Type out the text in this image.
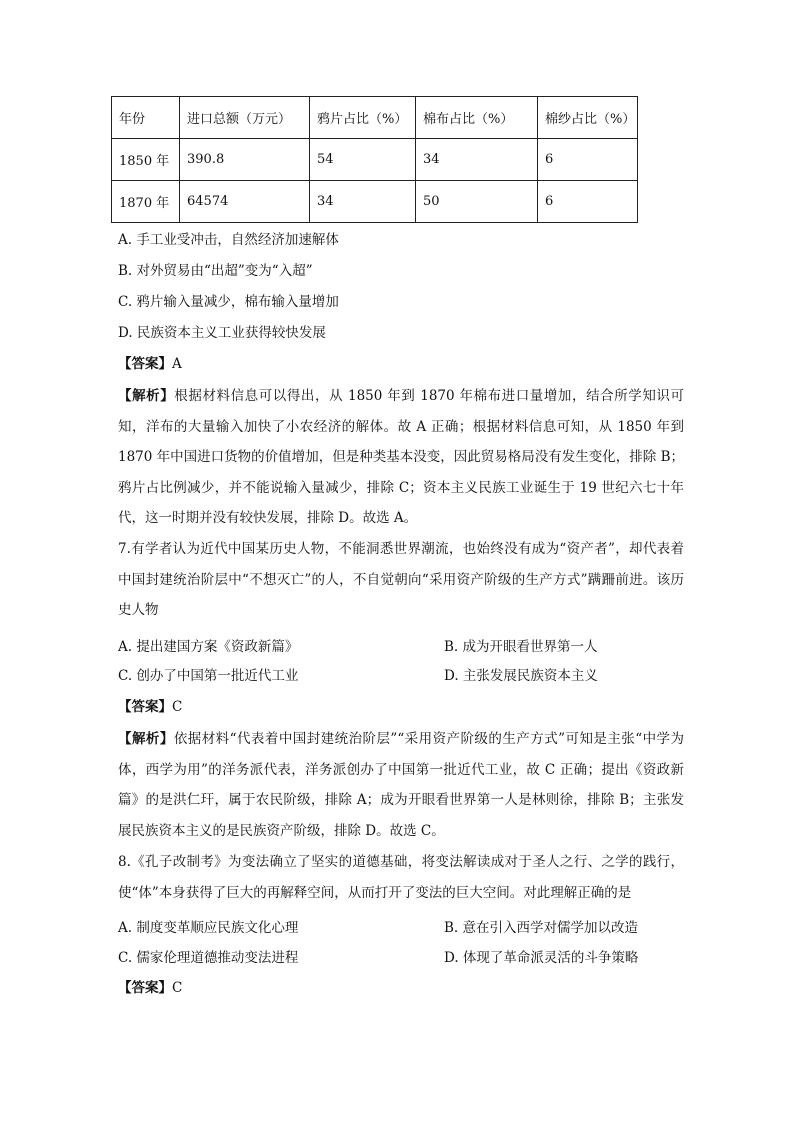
年份	进口总额（万元）	鸦片占比（%）	棉布占比（%）	棉纱占比（%）
1850 年	390.8	54	34	6
1870 年	64574	34	50	6
A. 手工业受冲击，自然经济加速解体
B. 对外贸易由“出超”变为“入超”
C. 鸦片输入量减少，棉布输入量增加
D. 民族资本主义工业获得较快发展
【答案】A
【解析】根据材料信息可以得出，从 1850 年到 1870 年棉布进口量增加，结合所学知识可知，洋布的大量输入加快了小农经济的解体。故 A 正确；根据材料信息可知，从 1850 年到 1870 年中国进口货物的价值增加，但是种类基本没变，因此贸易格局没有发生变化，排除 B；鸦片占比例减少，并不能说输入量减少，排除 C；资本主义民族工业诞生于 19 世纪六七十年代，这一时期并没有较快发展，排除 D。故选 A。
7.有学者认为近代中国某历史人物，不能洞悉世界潮流，也始终没有成为“资产者”，却代表着中国封建统治阶层中“不想灭亡”的人，不自觉朝向“采用资产阶级的生产方式”蹒跚前进。该历史人物
A. 提出建国方案《资政新篇》	B. 成为开眼看世界第一人
C. 创办了中国第一批近代工业	D. 主张发展民族资本主义
【答案】C
【解析】依据材料“代表着中国封建统治阶层”“采用资产阶级的生产方式”可知是主张“中学为体，西学为用”的洋务派代表，洋务派创办了中国第一批近代工业，故 C 正确；提出《资政新篇》的是洪仁玕，属于农民阶级，排除 A；成为开眼看世界第一人是林则徐，排除 B；主张发展民族资本主义的是民族资产阶级，排除 D。故选 C。
8.《孔子改制考》为变法确立了坚实的道德基础，将变法解读成对于圣人之行、之学的践行，使“体”本身获得了巨大的再解释空间，从而打开了变法的巨大空间。对此理解正确的是
A. 制度变革顺应民族文化心理	B. 意在引入西学对儒学加以改造
C. 儒家伦理道德推动变法进程	D. 体现了革命派灵活的斗争策略
【答案】C
